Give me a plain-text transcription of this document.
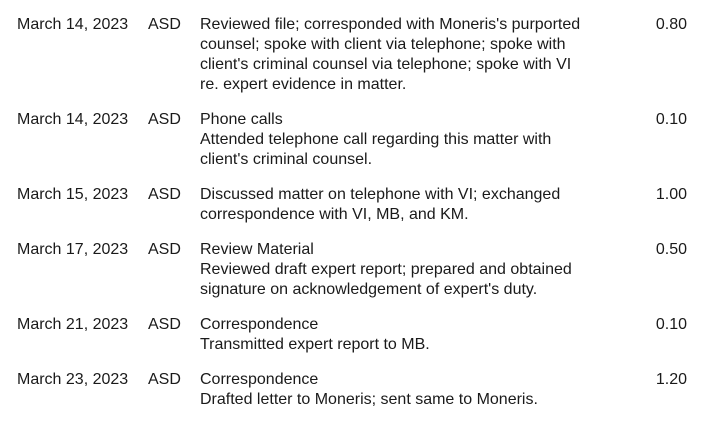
March 14, 2023 ASD Reviewed file; corresponded with Moneris's purported
counsel; spoke with client via telephone; spoke with
client's criminal counsel via telephone; spoke with VI
re. expert evidence in matter.
0.80
March 14, 2023 ASD Phone calls
Attended telephone call regarding this matter with
client's criminal counsel.
0.10
March 15, 2023 ASD Discussed matter on telephone with VI; exchanged
correspondence with VI, MB, and KM.
1.00
March 17, 2023 ASD Review Material
Reviewed draft expert report; prepared and obtained
signature on acknowledgement of expert's duty.
0.50
March 21, 2023 ASD Correspondence
Transmitted expert report to MB.
0.10
March 23, 2023 ASD Correspondence
Drafted letter to Moneris; sent same to Moneris.
1.20
